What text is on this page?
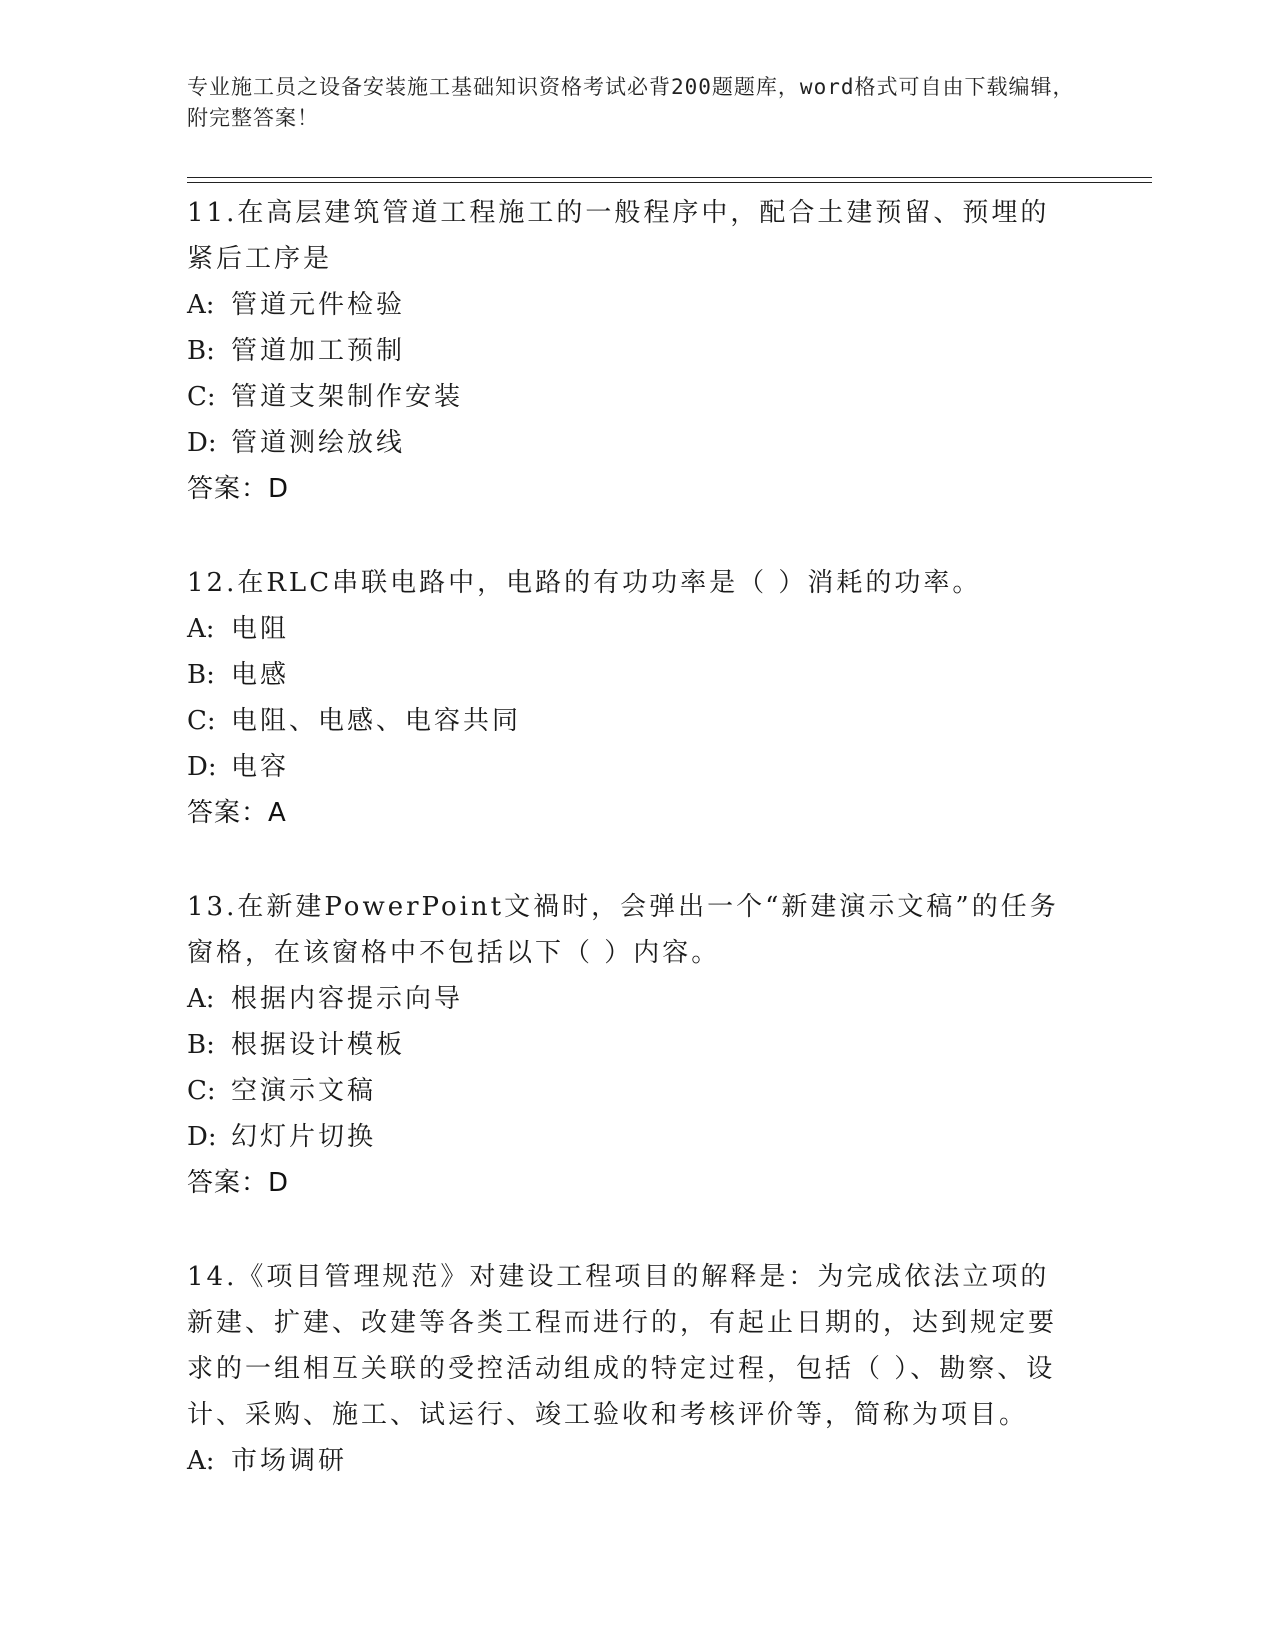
专业施工员之设备安装施工基础知识资格考试必背200题题库，word格式可自由下载编辑，附完整答案！
11.在高层建筑管道工程施工的一般程序中，配合土建预留、预埋的紧后工序是
A: 管道元件检验
B: 管道加工预制
C: 管道支架制作安装
D: 管道测绘放线
答案：D
12.在RLC串联电路中，电路的有功功率是（ ）消耗的功率。
A: 电阻
B: 电感
C: 电阻、电感、电容共同
D: 电容
答案：A
13.在新建PowerPoint文禍时，会弹出一个“新建演示文稿”的任务窗格，在该窗格中不包括以下（ ）内容。
A: 根据内容提示向导
B: 根据设计模板
C: 空演示文稿
D: 幻灯片切换
答案：D
14.《项目管理规范》对建设工程项目的解释是：为完成依法立项的新建、扩建、改建等各类工程而进行的，有起止日期的，达到规定要求的一组相互关联的受控活动组成的特定过程，包括（ ）、勘察、设计、采购、施工、试运行、竣工验收和考核评价等，简称为项目。
A: 市场调研
